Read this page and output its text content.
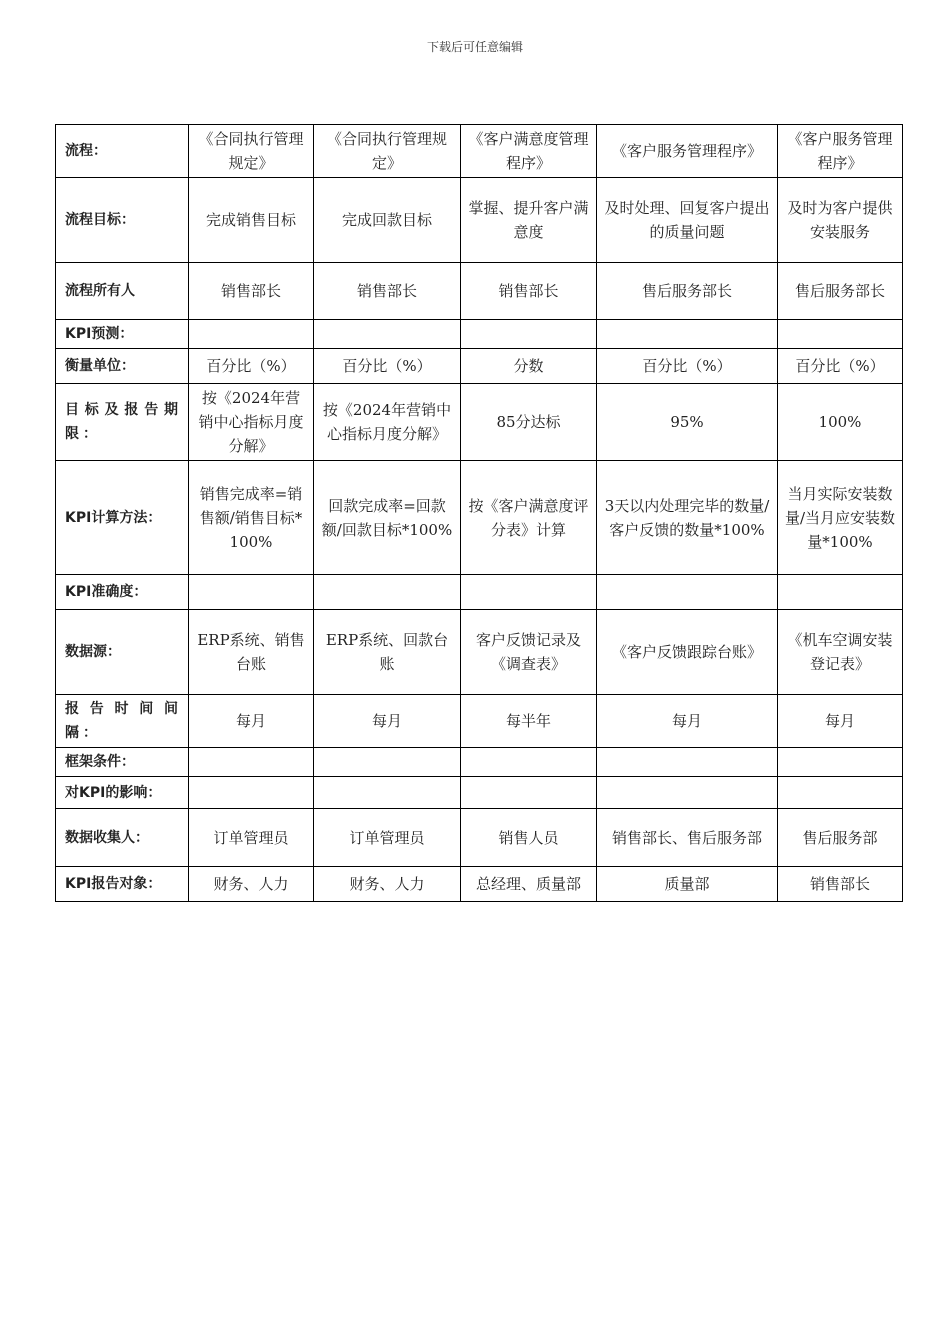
下载后可任意编辑
流程：	《合同执行管理规定》	《合同执行管理规定》	《客户满意度管理程序》	《客户服务管理程序》	《客户服务管理程序》
流程目标：	完成销售目标	完成回款目标	掌握、提升客户满意度	及时处理、回复客户提出的质量问题	及时为客户提供安装服务
流程所有人	销售部长	销售部长	销售部长	售后服务部长	售后服务部长
KPI预测：					
衡量单位：	百分比（%）	百分比（%）	分数	百分比（%）	百分比（%）
目标及报告期限：	按《2024年营销中心指标月度分解》	按《2024年营销中心指标月度分解》	85分达标	95%	100%
KPI计算方法：	销售完成率=销售额/销售目标*100%	回款完成率=回款额/回款目标*100%	按《客户满意度评分表》计算	3天以内处理完毕的数量/客户反馈的数量*100%	当月实际安装数量/当月应安装数量*100%
KPI准确度：					
数据源：	ERP系统、销售台账	ERP系统、回款台账	客户反馈记录及《调查表》	《客户反馈跟踪台账》	《机车空调安装登记表》
报告时间间隔：	每月	每月	每半年	每月	每月
框架条件：					
对KPI的影响：					
数据收集人：	订单管理员	订单管理员	销售人员	销售部长、售后服务部	售后服务部
KPI报告对象：	财务、人力	财务、人力	总经理、质量部	质量部	销售部长
